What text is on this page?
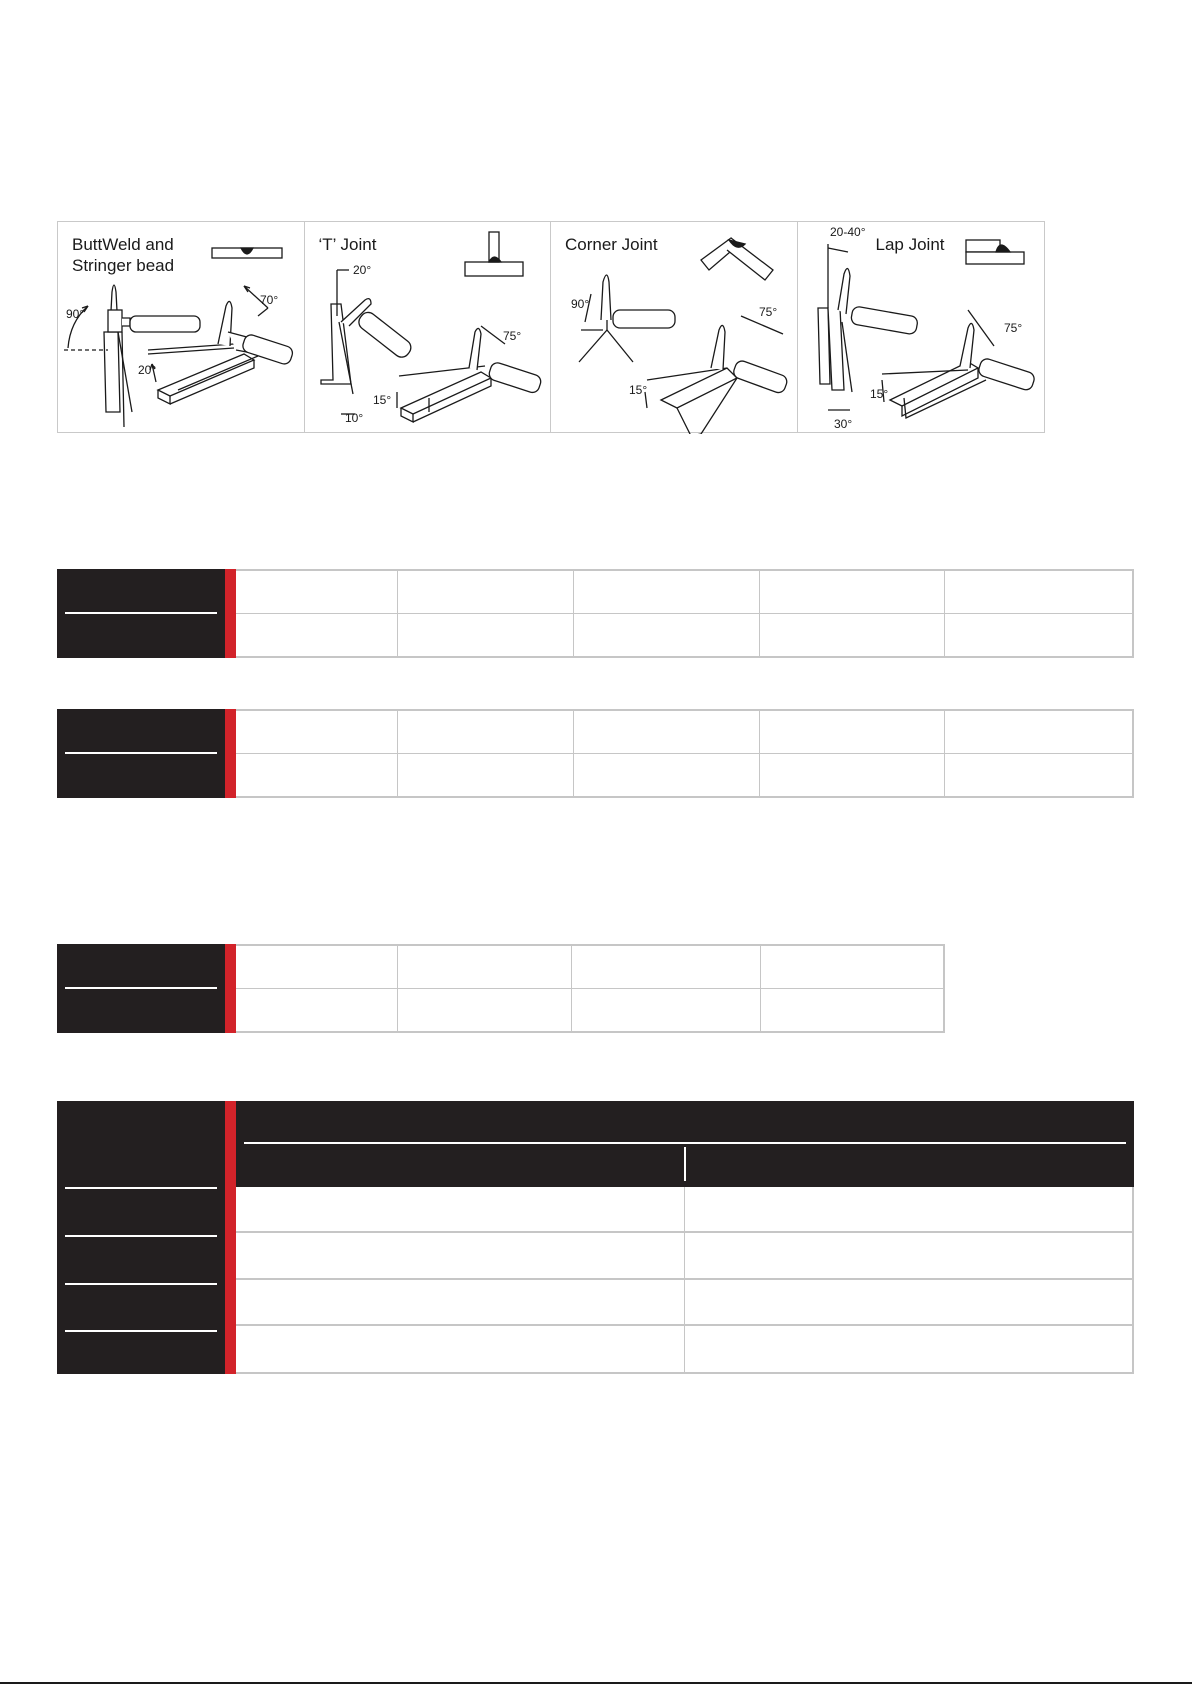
ButtWeld and
Stringer bead
90°
70°
20°
‘T’ Joint
20°
75°
15°
10°
Corner Joint
90°
75°
15°
Lap Joint
20-40°
75°
15°
30°
